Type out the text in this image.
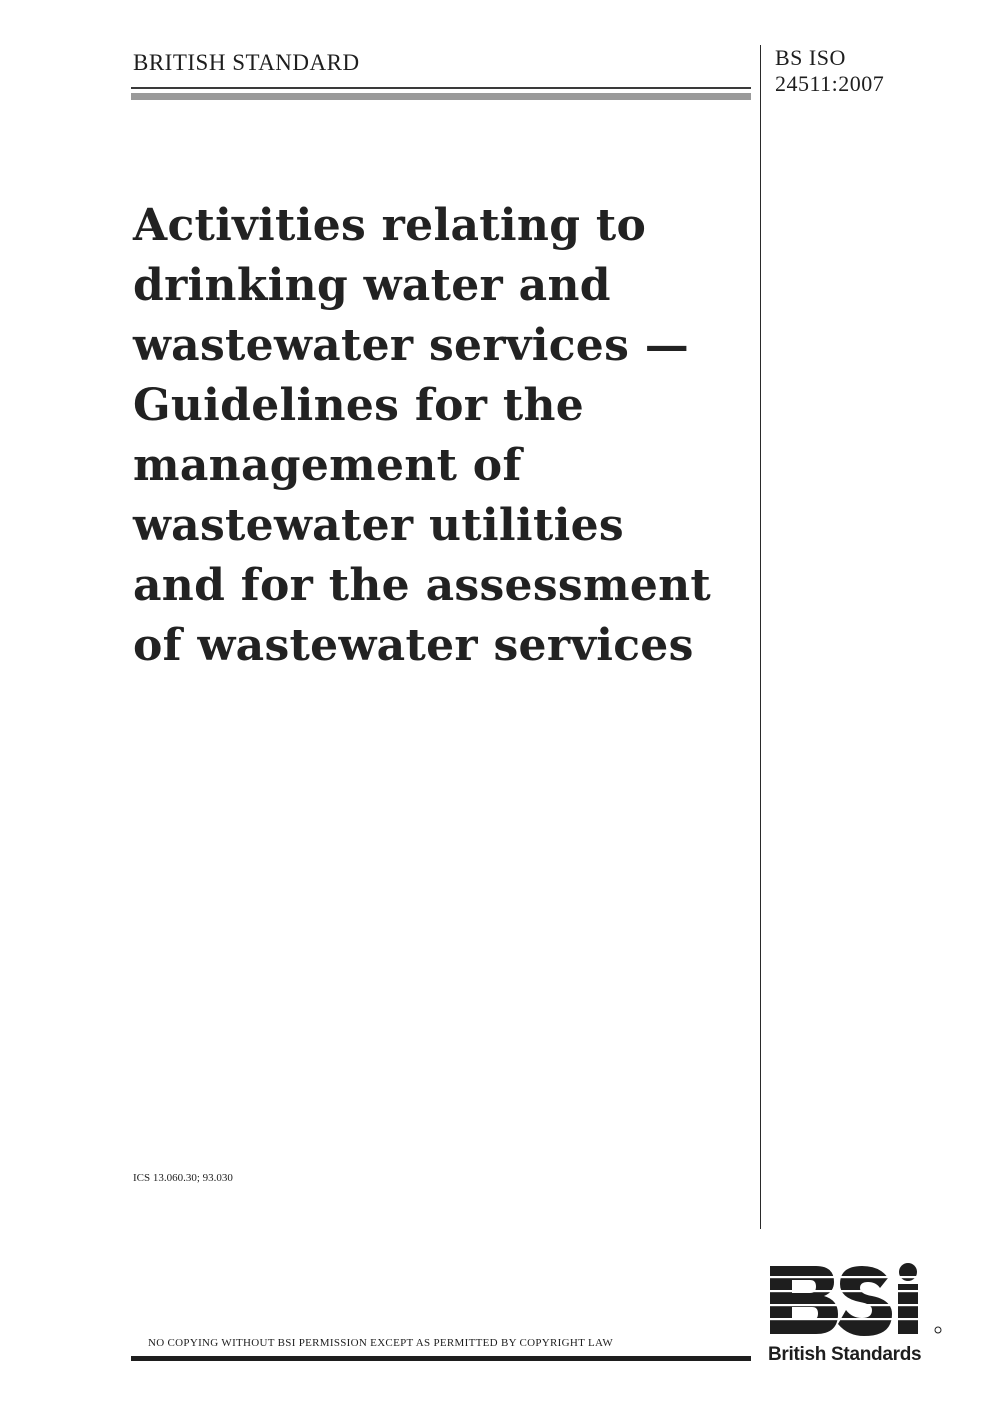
BRITISH STANDARD	BS ISO
24511:2007
Activities relating to
drinking water and
wastewater services —
Guidelines for the
management of
wastewater utilities
and for the assessment
of wastewater services
ICS 13.060.30; 93.030
NO COPYING WITHOUT BSI PERMISSION EXCEPT AS PERMITTED BY COPYRIGHT LAW
British Standards
